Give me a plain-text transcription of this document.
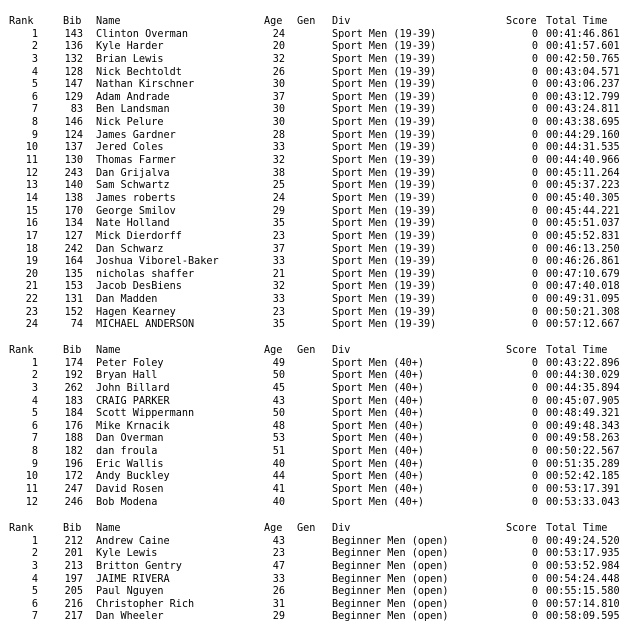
Rank	Bib Name	Age Gen Div	Score Total Time
1	143 Clinton Overman	24	Sport Men (19-39)	0 00:41:46.861
2	136 Kyle Harder	20	Sport Men (19-39)	0 00:41:57.601
3	132 Brian Lewis	32	Sport Men (19-39)	0 00:42:50.765
4	128 Nick Bechtoldt	26	Sport Men (19-39)	0 00:43:04.571
5	147 Nathan Kirschner	30	Sport Men (19-39)	0 00:43:06.237
6	129 Adam Andrade	37	Sport Men (19-39)	0 00:43:12.799
7	83 Ben Landsman	30	Sport Men (19-39)	0 00:43:24.811
8	146 Nick Pelure	30	Sport Men (19-39)	0 00:43:38.695
9	124 James Gardner	28	Sport Men (19-39)	0 00:44:29.160
10	137 Jered Coles	33	Sport Men (19-39)	0 00:44:31.535
11	130 Thomas Farmer	32	Sport Men (19-39)	0 00:44:40.966
12	243 Dan Grijalva	38	Sport Men (19-39)	0 00:45:11.264
13	140 Sam Schwartz	25	Sport Men (19-39)	0 00:45:37.223
14	138 James roberts	24	Sport Men (19-39)	0 00:45:40.305
15	170 George Smilov	29	Sport Men (19-39)	0 00:45:44.221
16	134 Nate Holland	35	Sport Men (19-39)	0 00:45:51.037
17	127 Mick Dierdorff	23	Sport Men (19-39)	0 00:45:52.831
18	242 Dan Schwarz	37	Sport Men (19-39)	0 00:46:13.250
19	164 Joshua Viborel-Baker	33	Sport Men (19-39)	0 00:46:26.861
20	135 nicholas shaffer	21	Sport Men (19-39)	0 00:47:10.679
21	153 Jacob DesBiens	32	Sport Men (19-39)	0 00:47:40.018
22	131 Dan Madden	33	Sport Men (19-39)	0 00:49:31.095
23	152 Hagen Kearney	23	Sport Men (19-39)	0 00:50:21.308
24	74 MICHAEL ANDERSON	35	Sport Men (19-39)	0 00:57:12.667
Rank	Bib Name	Age Gen Div	Score Total Time
1	174 Peter Foley	49	Sport Men (40+)	0 00:43:22.896
2	192 Bryan Hall	50	Sport Men (40+)	0 00:44:30.029
3	262 John Billard	45	Sport Men (40+)	0 00:44:35.894
4	183 CRAIG PARKER	43	Sport Men (40+)	0 00:45:07.905
5	184 Scott Wippermann	50	Sport Men (40+)	0 00:48:49.321
6	176 Mike Krnacik	48	Sport Men (40+)	0 00:49:48.343
7	188 Dan Overman	53	Sport Men (40+)	0 00:49:58.263
8	182 dan froula	51	Sport Men (40+)	0 00:50:22.567
9	196 Eric Wallis	40	Sport Men (40+)	0 00:51:35.289
10	172 Andy Buckley	44	Sport Men (40+)	0 00:52:42.185
11	247 David Rosen	41	Sport Men (40+)	0 00:53:17.391
12	246 Bob Modena	40	Sport Men (40+)	0 00:53:33.043
Rank	Bib Name	Age Gen Div	Score Total Time
1	212 Andrew Caine	43	Beginner Men (open)	0 00:49:24.520
2	201 Kyle Lewis	23	Beginner Men (open)	0 00:53:17.935
3	213 Britton Gentry	47	Beginner Men (open)	0 00:53:52.984
4	197 JAIME RIVERA	33	Beginner Men (open)	0 00:54:24.448
5	205 Paul Nguyen	26	Beginner Men (open)	0 00:55:15.580
6	216 Christopher Rich	31	Beginner Men (open)	0 00:57:14.810
7	217 Dan Wheeler	29	Beginner Men (open)	0 00:58:09.595
